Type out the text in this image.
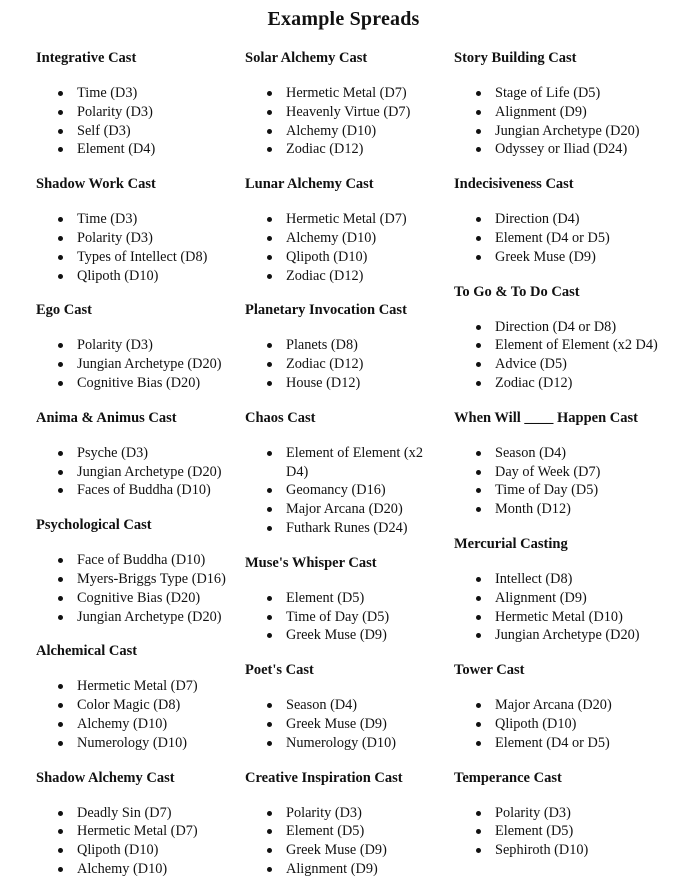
Example Spreads
Integrative Cast
Time (D3)
Polarity (D3)
Self (D3)
Element (D4)
Shadow Work Cast
Time (D3)
Polarity (D3)
Types of Intellect (D8)
Qlipoth (D10)
Ego Cast
Polarity (D3)
Jungian Archetype (D20)
Cognitive Bias (D20)
Anima & Animus Cast
Psyche (D3)
Jungian Archetype (D20)
Faces of Buddha (D10)
Psychological Cast
Face of Buddha (D10)
Myers-Briggs Type (D16)
Cognitive Bias (D20)
Jungian Archetype (D20)
Alchemical Cast
Hermetic Metal (D7)
Color Magic (D8)
Alchemy (D10)
Numerology (D10)
Shadow Alchemy Cast
Deadly Sin (D7)
Hermetic Metal (D7)
Qlipoth (D10)
Alchemy (D10)
Solar Alchemy Cast
Hermetic Metal (D7)
Heavenly Virtue (D7)
Alchemy (D10)
Zodiac (D12)
Lunar Alchemy Cast
Hermetic Metal (D7)
Alchemy (D10)
Qlipoth (D10)
Zodiac (D12)
Planetary Invocation Cast
Planets (D8)
Zodiac (D12)
House (D12)
Chaos Cast
Element of Element (x2 D4)
Geomancy (D16)
Major Arcana (D20)
Futhark Runes (D24)
Muse's Whisper Cast
Element (D5)
Time of Day (D5)
Greek Muse (D9)
Poet's Cast
Season (D4)
Greek Muse (D9)
Numerology (D10)
Creative Inspiration Cast
Polarity (D3)
Element (D5)
Greek Muse (D9)
Alignment (D9)
Story Building Cast
Stage of Life (D5)
Alignment (D9)
Jungian Archetype (D20)
Odyssey or Iliad (D24)
Indecisiveness Cast
Direction (D4)
Element (D4 or D5)
Greek Muse (D9)
To Go & To Do Cast
Direction (D4 or D8)
Element of Element (x2 D4)
Advice (D5)
Zodiac (D12)
When Will ____ Happen Cast
Season (D4)
Day of Week (D7)
Time of Day (D5)
Month (D12)
Mercurial Casting
Intellect (D8)
Alignment (D9)
Hermetic Metal (D10)
Jungian Archetype (D20)
Tower Cast
Major Arcana (D20)
Qlipoth (D10)
Element (D4 or D5)
Temperance Cast
Polarity (D3)
Element (D5)
Sephiroth (D10)
